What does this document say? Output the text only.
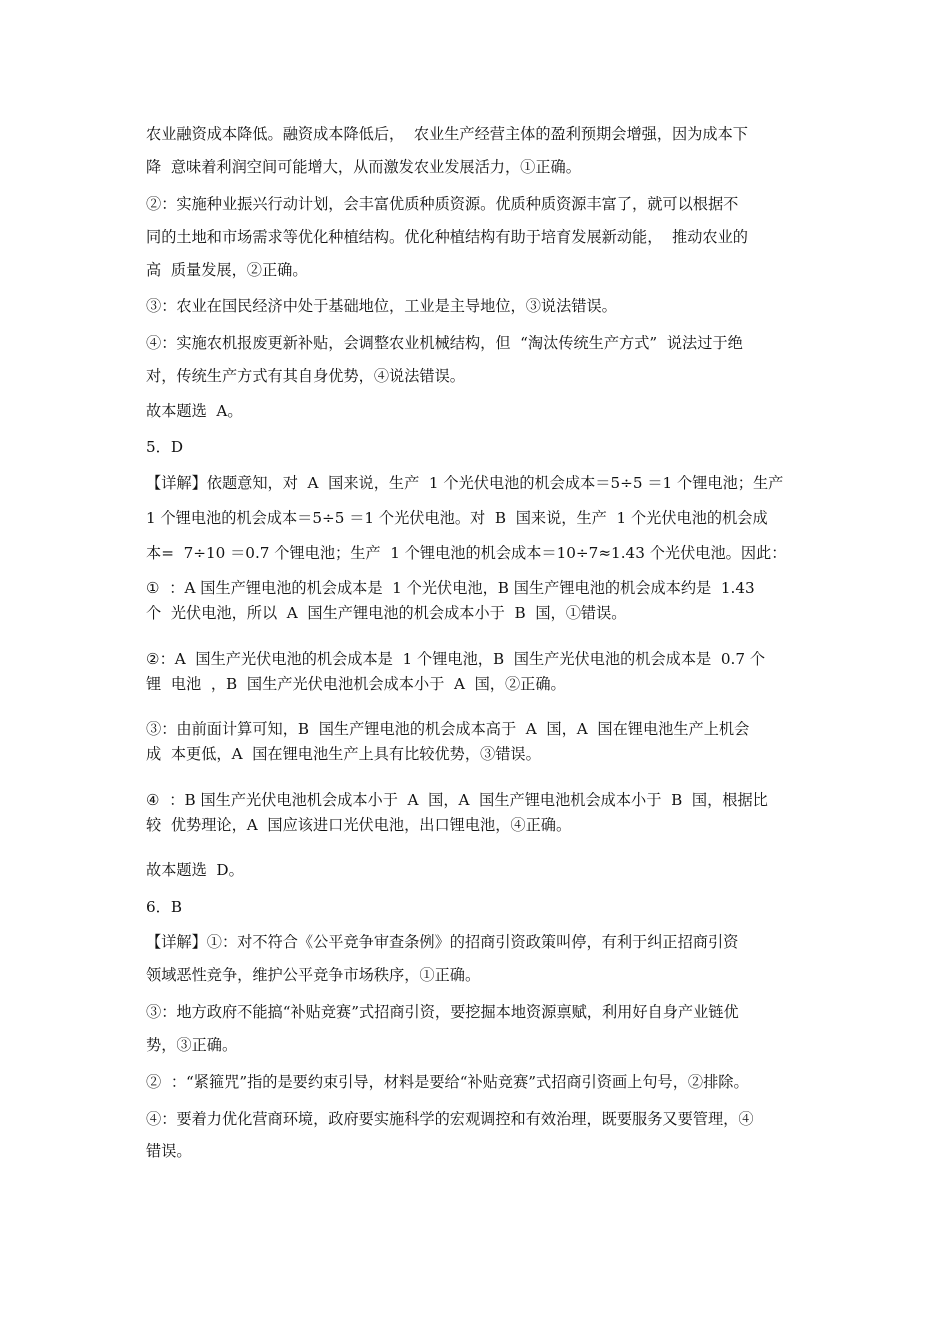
农业融资成本降低。融资成本降低后，  农业生产经营主体的盈利预期会增强，因为成本下
降  意味着利润空间可能增大，从而激发农业发展活力，①正确。
②：实施种业振兴行动计划，会丰富优质种质资源。优质种质资源丰富了，就可以根据不
同的土地和市场需求等优化种植结构。优化种植结构有助于培育发展新动能，  推动农业的
高  质量发展，②正确。
③：农业在国民经济中处于基础地位，工业是主导地位，③说法错误。
④：实施农机报废更新补贴，会调整农业机械结构，但  “淘汰传统生产方式”  说法过于绝
对，传统生产方式有其自身优势，④说法错误。
故本题选  A。
5．D
【详解】依题意知，对  A  国来说，生产  1 个光伏电池的机会成本＝5÷5 ＝1 个锂电池；生产
1 个锂电池的机会成本＝5÷5 ＝1 个光伏电池。对  B  国来说，生产  1 个光伏电池的机会成
本=  7÷10 ＝0.7 个锂电池；生产  1 个锂电池的机会成本＝10÷7≈1.43 个光伏电池。因此：
①  ：A 国生产锂电池的机会成本是  1 个光伏电池，B 国生产锂电池的机会成本约是  1.43
个  光伏电池，所以  A  国生产锂电池的机会成本小于  B  国，①错误。
②：A  国生产光伏电池的机会成本是  1 个锂电池，B  国生产光伏电池的机会成本是  0.7 个
锂  电池  ，B  国生产光伏电池机会成本小于  A  国，②正确。
③：由前面计算可知，B  国生产锂电池的机会成本高于  A  国，A  国在锂电池生产上机会
成  本更低，A  国在锂电池生产上具有比较优势，③错误。
④  ：B 国生产光伏电池机会成本小于  A  国，A  国生产锂电池机会成本小于  B  国，根据比
较  优势理论，A  国应该进口光伏电池，出口锂电池，④正确。
故本题选  D。
6．B
【详解】①：对不符合《公平竞争审查条例》的招商引资政策叫停，有利于纠正招商引资
领域恶性竞争，维护公平竞争市场秩序，①正确。
③：地方政府不能搞“补贴竞赛”式招商引资，要挖掘本地资源禀赋，利用好自身产业链优
势，③正确。
②  ：“紧箍咒”指的是要约束引导，材料是要给“补贴竞赛”式招商引资画上句号，②排除。
④：要着力优化营商环境，政府要实施科学的宏观调控和有效治理，既要服务又要管理，④
错误。
